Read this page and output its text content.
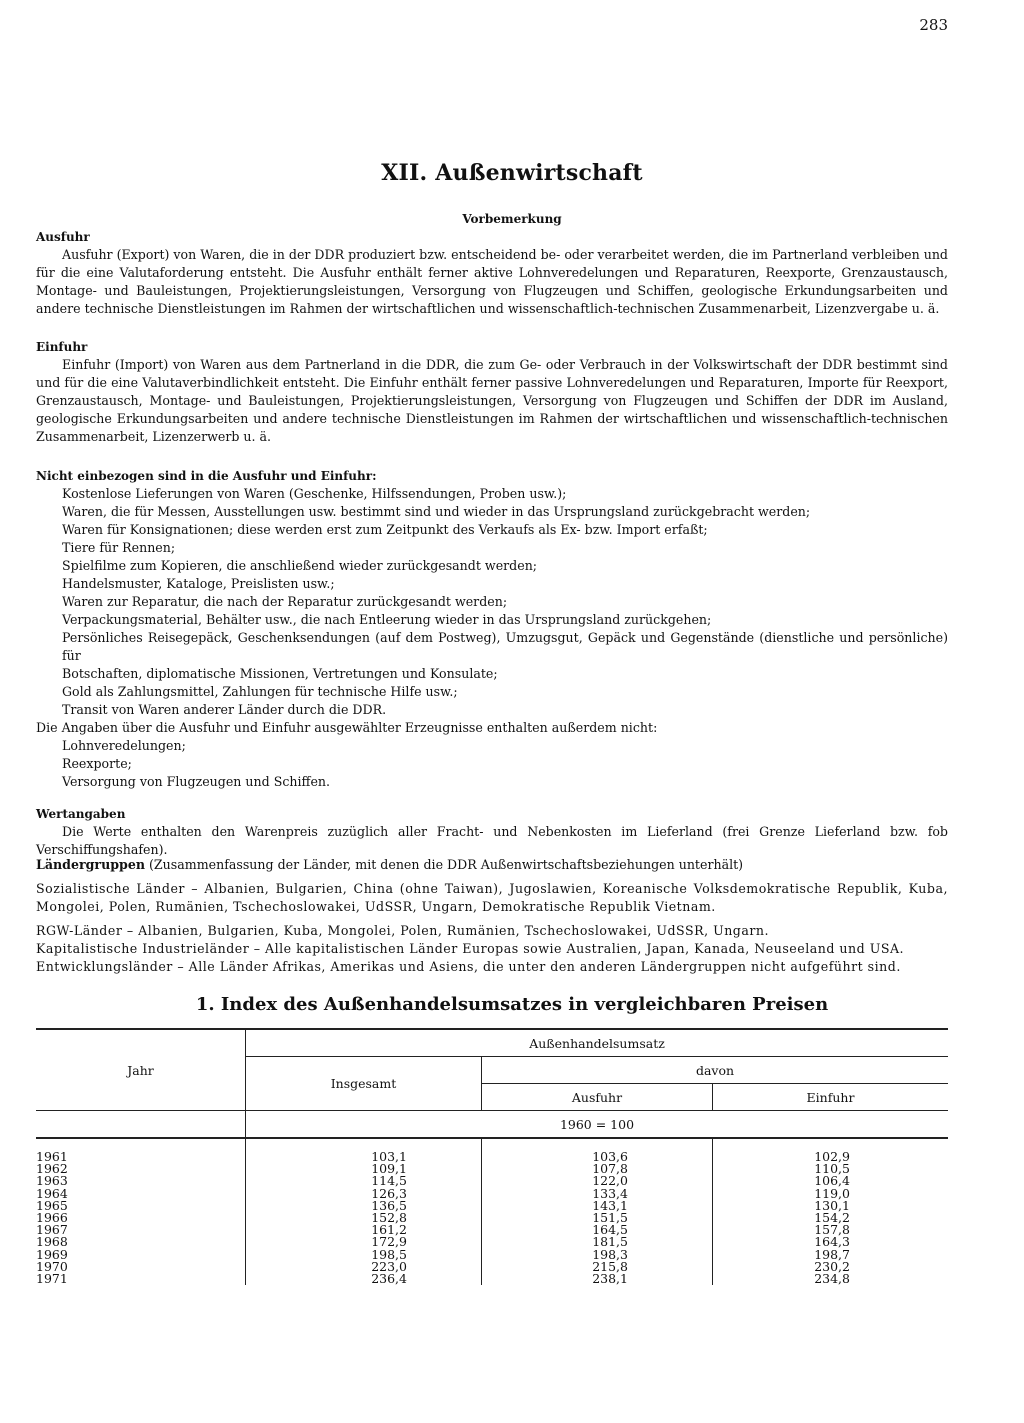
283
XII. Außenwirtschaft
Vorbemerkung

Ausfuhr

Ausfuhr (Export) von Waren, die in der DDR produziert bzw. entscheidend be- oder verarbeitet werden, die im Partnerland verbleiben und für die eine Valutaforderung entsteht. Die Ausfuhr enthält ferner aktive Lohnveredelungen und Reparaturen, Reexporte, Grenzaustausch, Montage- und Bauleistungen, Projektierungsleistungen, Versorgung von Flugzeugen und Schiffen, geologische Erkundungsarbeiten und andere technische Dienstleistungen im Rahmen der wirtschaftlichen und wissenschaftlich-technischen Zusammenarbeit, Lizenzvergabe u. ä.

Einfuhr

Einfuhr (Import) von Waren aus dem Partnerland in die DDR, die zum Ge- oder Verbrauch in der Volkswirtschaft der DDR bestimmt sind und für die eine Valutaverbindlichkeit entsteht. Die Einfuhr enthält ferner passive Lohnveredelungen und Reparaturen, Importe für Reexport, Grenzaustausch, Montage- und Bauleistungen, Projektierungsleistungen, Versorgung von Flugzeugen und Schiffen der DDR im Ausland, geologische Erkundungsarbeiten und andere technische Dienstleistungen im Rahmen der wirtschaftlichen und wissenschaftlich-technischen Zusammenarbeit, Lizenzerwerb u. ä.

Nicht einbezogen sind in die Ausfuhr und Einfuhr:

Kostenlose Lieferungen von Waren (Geschenke, Hilfssendungen, Proben usw.);

Waren, die für Messen, Ausstellungen usw. bestimmt sind und wieder in das Ursprungsland zurückgebracht werden;

Waren für Konsignationen; diese werden erst zum Zeitpunkt des Verkaufs als Ex- bzw. Import erfaßt;

Tiere für Rennen;

Spielfilme zum Kopieren, die anschließend wieder zurückgesandt werden;

Handelsmuster, Kataloge, Preislisten usw.;

Waren zur Reparatur, die nach der Reparatur zurückgesandt werden;

Verpackungsmaterial, Behälter usw., die nach Entleerung wieder in das Ursprungsland zurückgehen;

Persönliches Reisegepäck, Geschenksendungen (auf dem Postweg), Umzugsgut, Gepäck und Gegenstände (dienstliche und persönliche) für
Botschaften, diplomatische Missionen, Vertretungen und Konsulate;

Gold als Zahlungsmittel, Zahlungen für technische Hilfe usw.;

Transit von Waren anderer Länder durch die DDR.

Die Angaben über die Ausfuhr und Einfuhr ausgewählter Erzeugnisse enthalten außerdem nicht:

Lohnveredelungen;

Reexporte;

Versorgung von Flugzeugen und Schiffen.

Wertangaben

Die Werte enthalten den Warenpreis zuzüglich aller Fracht- und Nebenkosten im Lieferland (frei Grenze Lieferland bzw. fob Verschiffungshafen).

Ländergruppen (Zusammenfassung der Länder, mit denen die DDR Außenwirtschaftsbeziehungen unterhält)

Sozialistische Länder – Albanien, Bulgarien, China (ohne Taiwan), Jugoslawien, Koreanische Volksdemokratische Republik, Kuba, Mongolei, Polen, Rumänien, Tschechoslowakei, UdSSR, Ungarn, Demokratische Republik Vietnam.

RGW-Länder – Albanien, Bulgarien, Kuba, Mongolei, Polen, Rumänien, Tschechoslowakei, UdSSR, Ungarn.

Kapitalistische Industrieländer – Alle kapitalistischen Länder Europas sowie Australien, Japan, Kanada, Neuseeland und USA.

Entwicklungsländer – Alle Länder Afrikas, Amerikas und Asiens, die unter den anderen Ländergruppen nicht aufgeführt sind.

1. Index des Außenhandelsumsatzes in vergleichbaren Preisen
Jahr	Außenhandelsumsatz		
	Insgesamt	davon	
		Ausfuhr	Einfuhr
	1960 = 100		
1961	103,1	103,6	102,9
1962	109,1	107,8	110,5
1963	114,5	122,0	106,4
1964	126,3	133,4	119,0
1965	136,5	143,1	130,1
1966	152,8	151,5	154,2
1967	161,2	164,5	157,8
1968	172,9	181,5	164,3
1969	198,5	198,3	198,7
1970	223,0	215,8	230,2
1971	236,4	238,1	234,8
